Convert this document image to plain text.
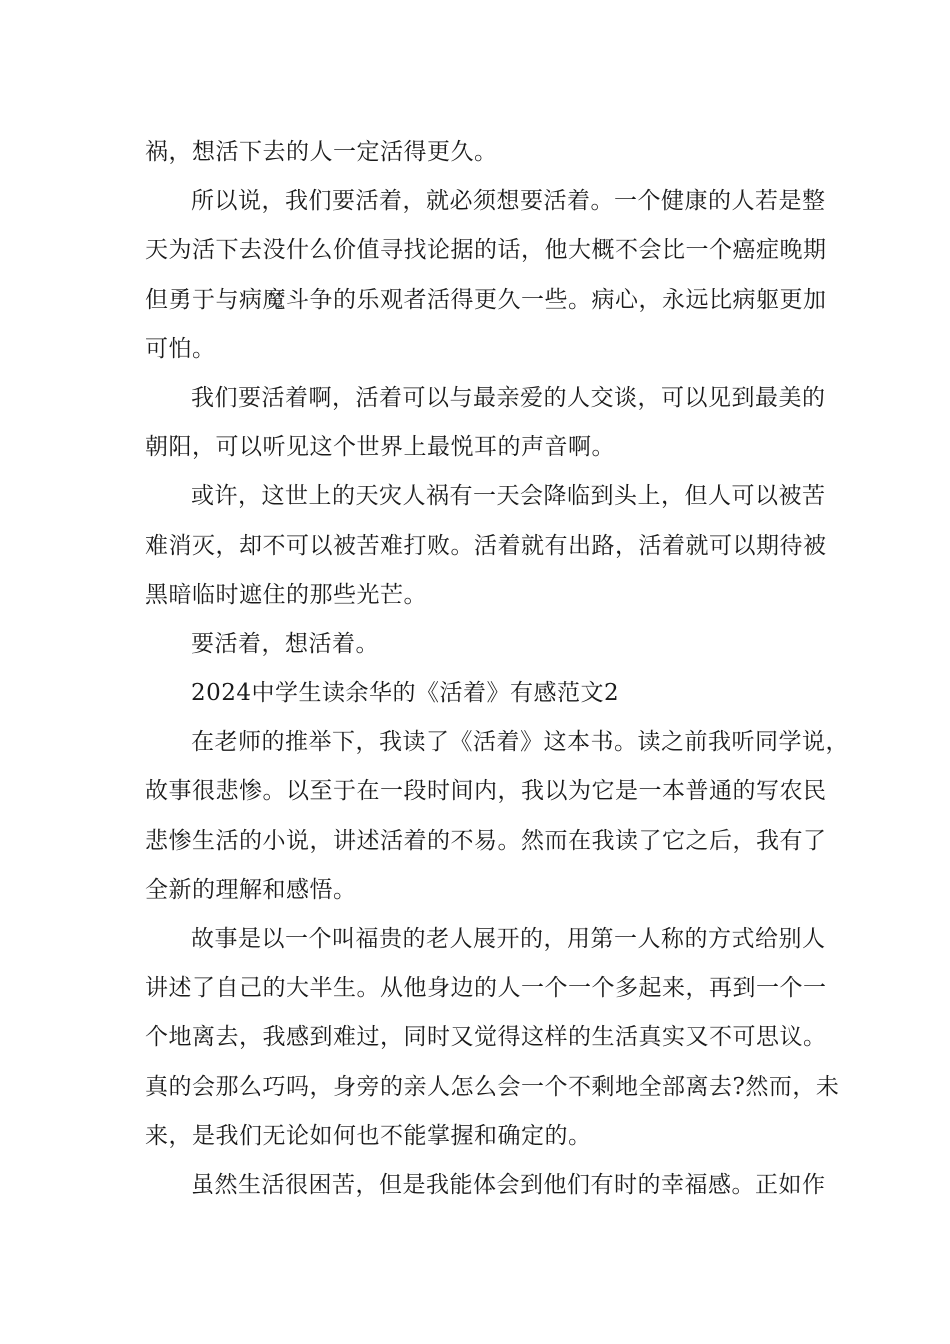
祸，想活下去的人一定活得更久。
所以说，我们要活着，就必须想要活着。一个健康的人若是整
天为活下去没什么价值寻找论据的话，他大概不会比一个癌症晚期
但勇于与病魔斗争的乐观者活得更久一些。病心，永远比病躯更加
可怕。
我们要活着啊，活着可以与最亲爱的人交谈，可以见到最美的
朝阳，可以听见这个世界上最悦耳的声音啊。
或许，这世上的天灾人祸有一天会降临到头上，但人可以被苦
难消灭，却不可以被苦难打败。活着就有出路，活着就可以期待被
黑暗临时遮住的那些光芒。
要活着，想活着。
2024中学生读余华的《活着》有感范文2
在老师的推举下，我读了《活着》这本书。读之前我听同学说，
故事很悲惨。以至于在一段时间内，我以为它是一本普通的写农民
悲惨生活的小说，讲述活着的不易。然而在我读了它之后，我有了
全新的理解和感悟。
故事是以一个叫福贵的老人展开的，用第一人称的方式给别人
讲述了自己的大半生。从他身边的人一个一个多起来，再到一个一
个地离去，我感到难过，同时又觉得这样的生活真实又不可思议。
真的会那么巧吗，身旁的亲人怎么会一个不剩地全部离去?然而，未
来，是我们无论如何也不能掌握和确定的。
虽然生活很困苦，但是我能体会到他们有时的幸福感。正如作
